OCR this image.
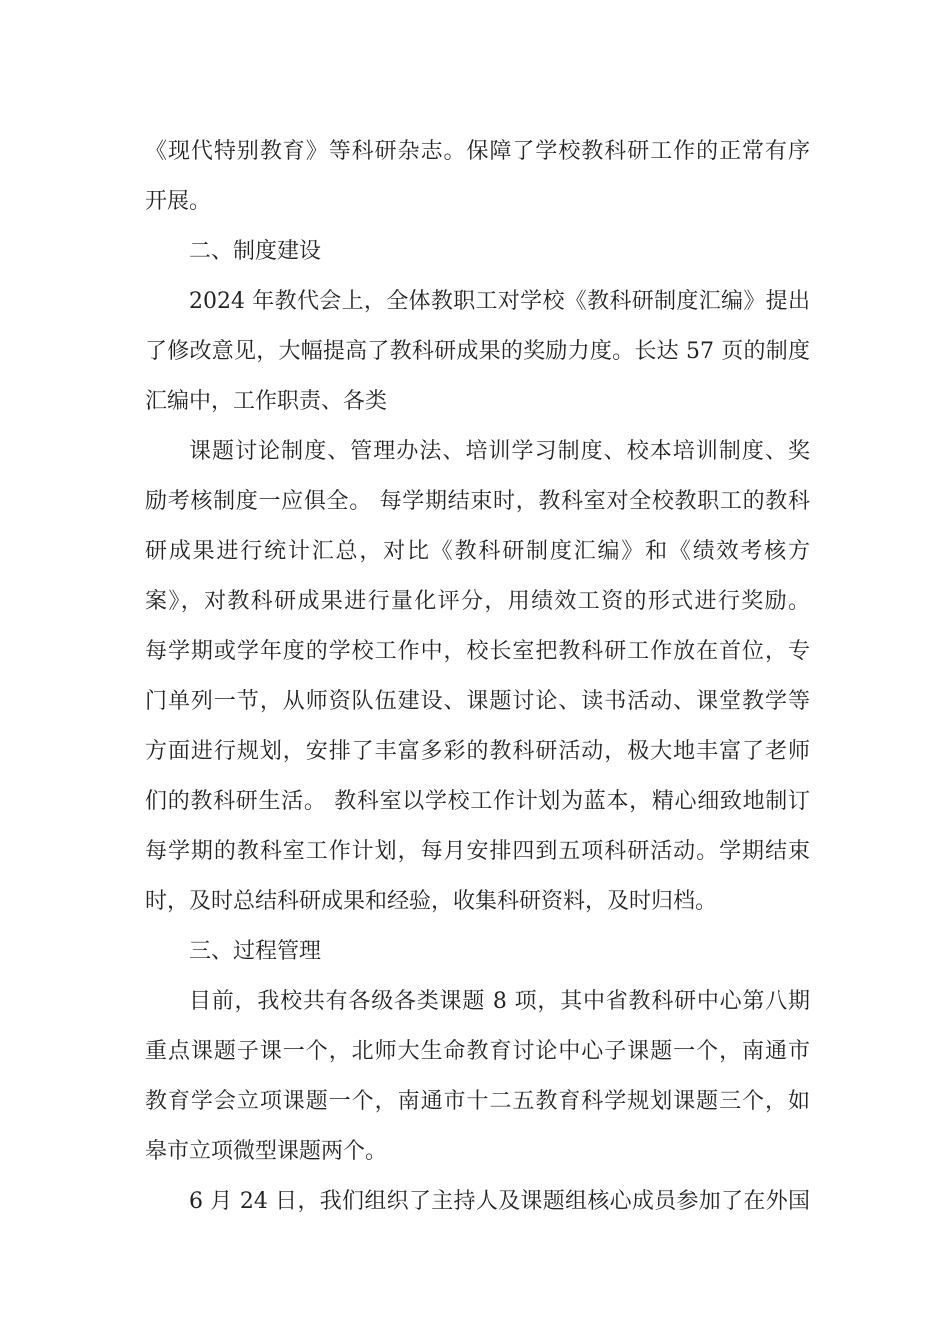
《现代特别教育》等科研杂志。保障了学校教科研工作的正常有序
开展。
二、制度建设
2024 年教代会上，全体教职工对学校《教科研制度汇编》提出
了修改意见，大幅提高了教科研成果的奖励力度。长达 57 页的制度
汇编中，工作职责、各类
课题讨论制度、管理办法、培训学习制度、校本培训制度、奖
励考核制度一应俱全。 每学期结束时，教科室对全校教职工的教科
研成果进行统计汇总，对比《教科研制度汇编》和《绩效考核方
案》，对教科研成果进行量化评分，用绩效工资的形式进行奖励。
每学期或学年度的学校工作中，校长室把教科研工作放在首位，专
门单列一节，从师资队伍建设、课题讨论、读书活动、课堂教学等
方面进行规划，安排了丰富多彩的教科研活动，极大地丰富了老师
们的教科研生活。 教科室以学校工作计划为蓝本，精心细致地制订
每学期的教科室工作计划，每月安排四到五项科研活动。学期结束
时，及时总结科研成果和经验，收集科研资料，及时归档。
三、过程管理
目前，我校共有各级各类课题 8 项，其中省教科研中心第八期
重点课题子课一个，北师大生命教育讨论中心子课题一个，南通市
教育学会立项课题一个，南通市十二五教育科学规划课题三个，如
皋市立项微型课题两个。
6 月 24 日，我们组织了主持人及课题组核心成员参加了在外国
